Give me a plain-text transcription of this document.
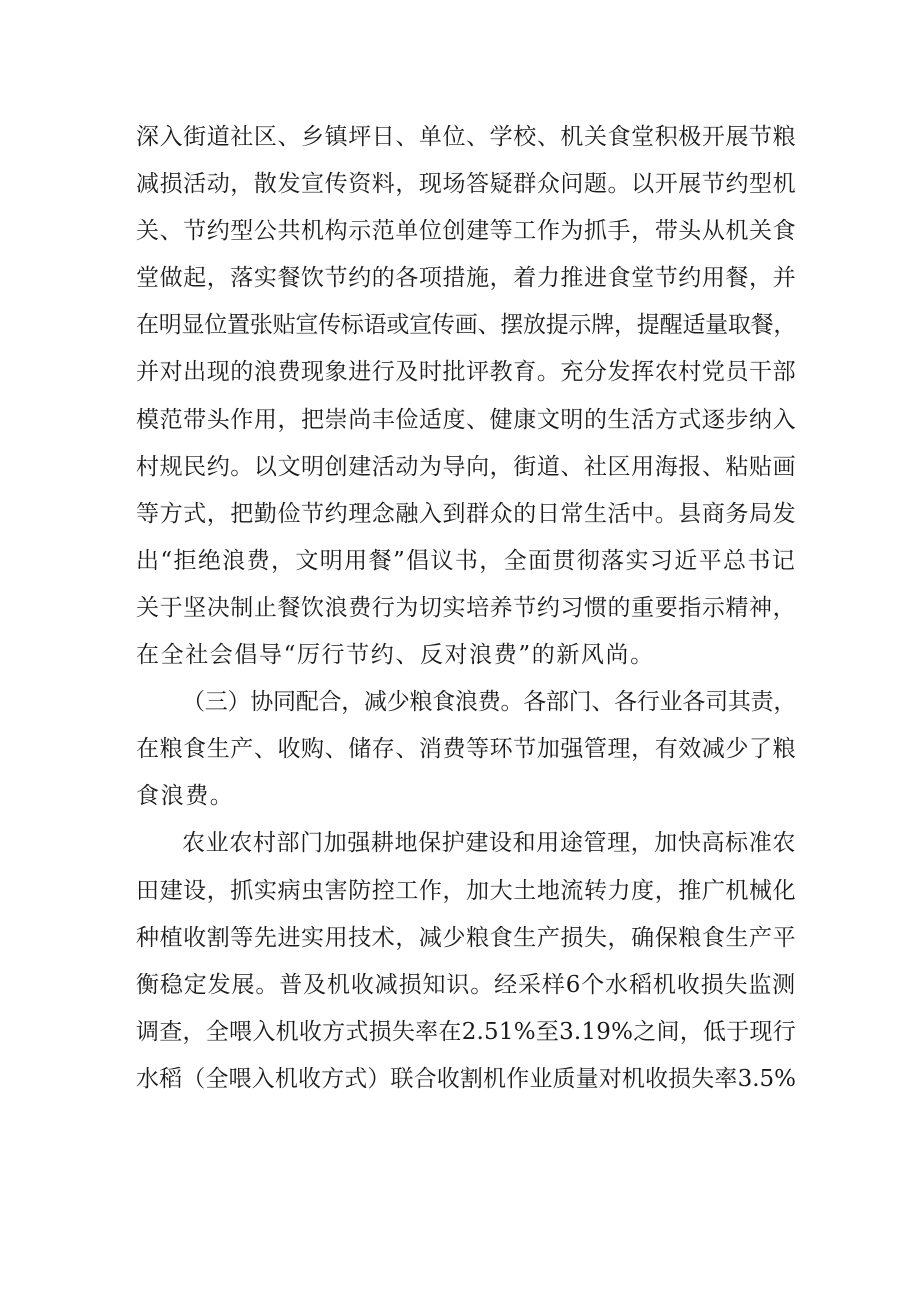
深入街道社区、乡镇坪日、单位、学校、机关食堂积极开展节粮
减损活动，散发宣传资料，现场答疑群众问题。以开展节约型机
关、节约型公共机构示范单位创建等工作为抓手，带头从机关食
堂做起，落实餐饮节约的各项措施，着力推进食堂节约用餐，并
在明显位置张贴宣传标语或宣传画、摆放提示牌，提醒适量取餐，
并对出现的浪费现象进行及时批评教育。充分发挥农村党员干部
模范带头作用，把崇尚丰俭适度、健康文明的生活方式逐步纳入
村规民约。以文明创建活动为导向，街道、社区用海报、粘贴画
等方式，把勤俭节约理念融入到群众的日常生活中。县商务局发
出“拒绝浪费，文明用餐”倡议书，全面贯彻落实习近平总书记
关于坚决制止餐饮浪费行为切实培养节约习惯的重要指示精神，
在全社会倡导“厉行节约、反对浪费”的新风尚。
（三）协同配合，减少粮食浪费。各部门、各行业各司其责，
在粮食生产、收购、储存、消费等环节加强管理，有效减少了粮
食浪费。
农业农村部门加强耕地保护建设和用途管理，加快高标准农
田建设，抓实病虫害防控工作，加大土地流转力度，推广机械化
种植收割等先进实用技术，减少粮食生产损失，确保粮食生产平
衡稳定发展。普及机收减损知识。经采样6个水稻机收损失监测
调查，全喂入机收方式损失率在2.51%至3.19%之间，低于现行
水稻（全喂入机收方式）联合收割机作业质量对机收损失率3.5%
